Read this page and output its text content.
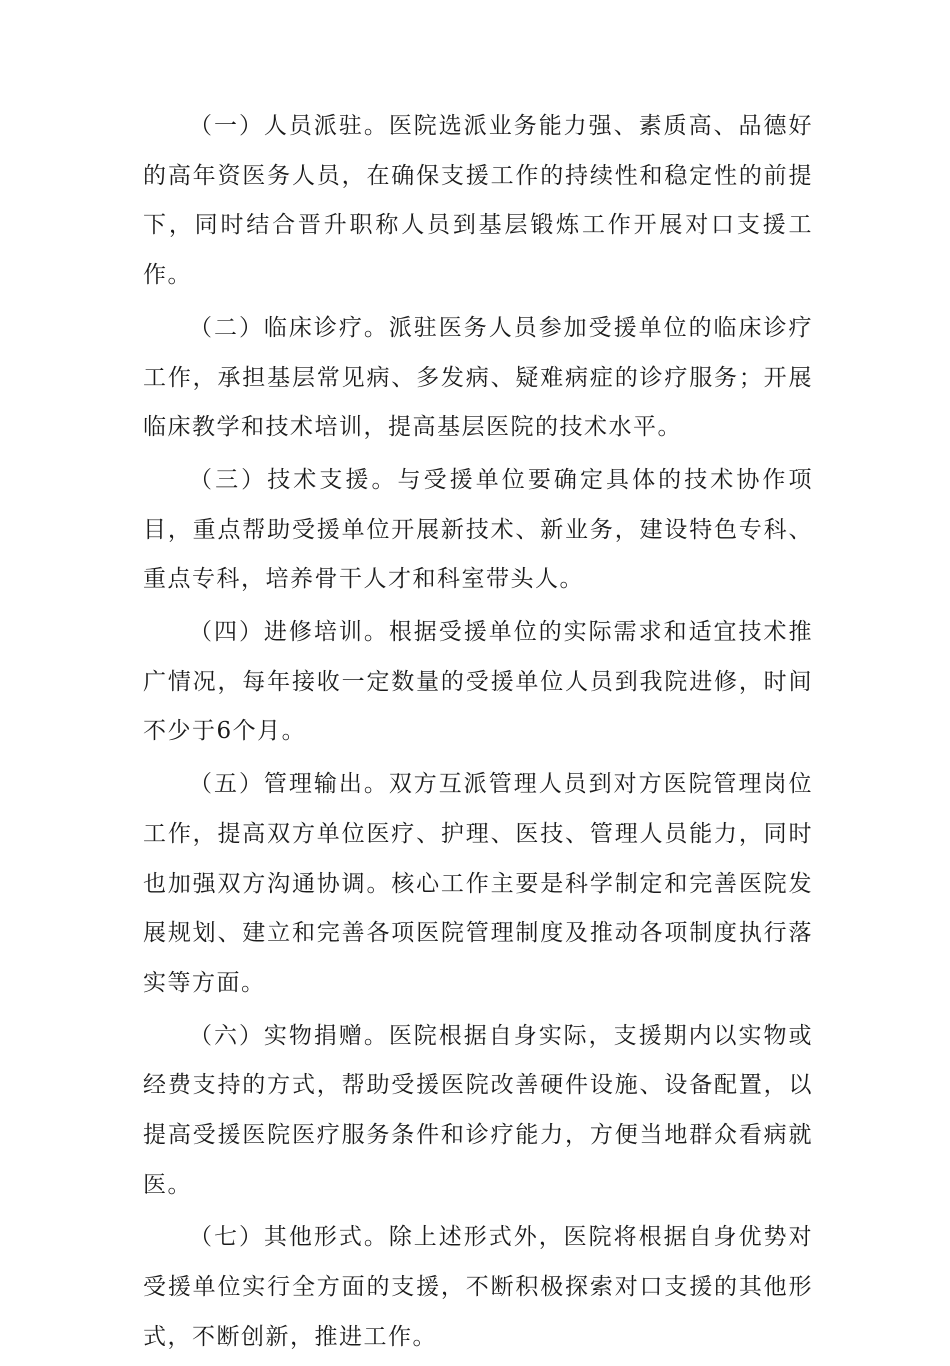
（一）人员派驻。医院选派业务能力强、素质高、品德好的高年资医务人员，在确保支援工作的持续性和稳定性的前提下，同时结合晋升职称人员到基层锻炼工作开展对口支援工作。

（二）临床诊疗。派驻医务人员参加受援单位的临床诊疗工作，承担基层常见病、多发病、疑难病症的诊疗服务；开展临床教学和技术培训，提高基层医院的技术水平。

（三）技术支援。与受援单位要确定具体的技术协作项目，重点帮助受援单位开展新技术、新业务，建设特色专科、重点专科，培养骨干人才和科室带头人。

（四）进修培训。根据受援单位的实际需求和适宜技术推广情况，每年接收一定数量的受援单位人员到我院进修，时间不少于6个月。

（五）管理输出。双方互派管理人员到对方医院管理岗位工作，提高双方单位医疗、护理、医技、管理人员能力，同时也加强双方沟通协调。核心工作主要是科学制定和完善医院发展规划、建立和完善各项医院管理制度及推动各项制度执行落实等方面。

（六）实物捐赠。医院根据自身实际，支援期内以实物或经费支持的方式，帮助受援医院改善硬件设施、设备配置，以提高受援医院医疗服务条件和诊疗能力，方便当地群众看病就医。

（七）其他形式。除上述形式外，医院将根据自身优势对受援单位实行全方面的支援，不断积极探索对口支援的其他形式，不断创新，推进工作。
